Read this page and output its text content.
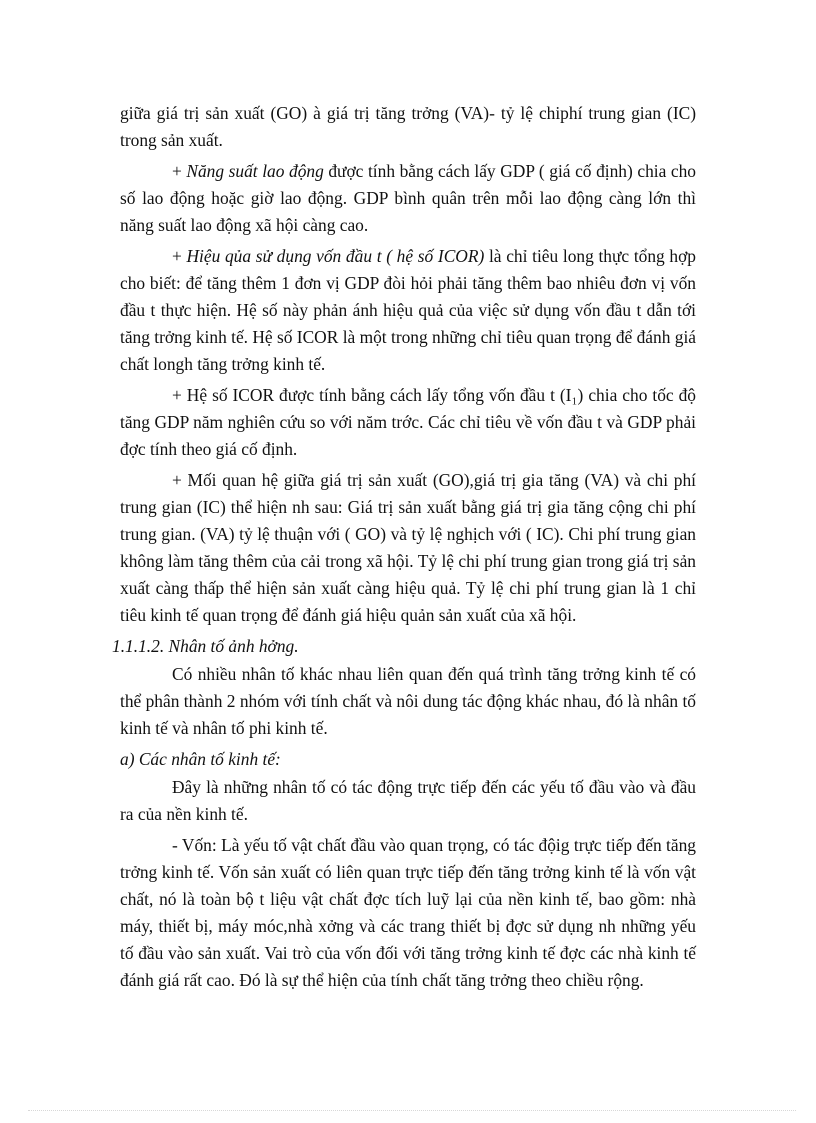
giữa giá trị sản xuất (GO) à giá trị tăng trởng (VA)- tỷ lệ chiphí trung gian (IC) trong sản xuất.

+ Năng suất lao động được tính bằng cách lấy GDP ( giá cố định) chia cho số lao động hoặc giờ lao động. GDP bình quân trên mỗi lao động càng lớn thì năng suất lao động xã hội càng cao.

+ Hiệu qủa sử dụng vốn đầu t ( hệ số ICOR) là chỉ tiêu long thực tổng hợp cho biết: để tăng thêm 1 đơn vị GDP đòi hỏi phải tăng thêm bao nhiêu đơn vị vốn đầu t thực hiện. Hệ số này phản ánh hiệu quả của việc sử dụng vốn đầu t dẫn tới tăng trởng kinh tế. Hệ số ICOR là một trong những chỉ tiêu quan trọng để đánh giá chất longh tăng trởng kinh tế.

+ Hệ số ICOR được tính bằng cách lấy tổng vốn đầu t (I₁) chia cho tốc độ tăng GDP năm nghiên cứu so với năm trớc. Các chỉ tiêu về vốn đầu t và GDP phải đợc tính theo giá cố định.

+ Mối quan hệ giữa giá trị sản xuất (GO),giá trị gia tăng (VA) và chi phí trung gian (IC) thể hiện nh sau: Giá trị sản xuất bằng giá trị gia tăng cộng chi phí trung gian. (VA) tỷ lệ thuận với ( GO) và tỷ lệ nghịch với ( IC). Chi phí trung gian không làm tăng thêm của cải trong xã hội. Tỷ lệ chi phí trung gian trong giá trị sản xuất càng thấp thể hiện sản xuất càng hiệu quả. Tỷ lệ chi phí trung gian là 1 chỉ tiêu kinh tế quan trọng để đánh giá hiệu quản sản xuất của xã hội.

1.1.1.2. Nhân tố ảnh hởng.

Có nhiều nhân tố khác nhau liên quan đến quá trình tăng trởng kinh tế có thể phân thành 2 nhóm với tính chất và nôi dung tác động khác nhau, đó là nhân tố kinh tế và nhân tố phi kinh tế.

a) Các nhân tố kinh tế:

Đây là những nhân tố có tác động trực tiếp đến các yếu tố đầu vào và đầu ra của nền kinh tế.

- Vốn: Là yếu tố vật chất đầu vào quan trọng, có tác độig trực tiếp đến tăng trởng kinh tế. Vốn sản xuất có liên quan trực tiếp đến tăng trởng kinh tế là vốn vật chất, nó là toàn bộ t liệu vật chất đợc tích luỹ lại của nền kinh tế, bao gồm: nhà máy, thiết bị, máy móc,nhà xởng và các trang thiết bị đợc sử dụng nh những yếu tố đầu vào sản xuất. Vai trò của vốn đối với tăng trởng kinh tế đợc các nhà kinh tế đánh giá rất cao. Đó là sự thể hiện của tính chất tăng trởng theo chiều rộng.
